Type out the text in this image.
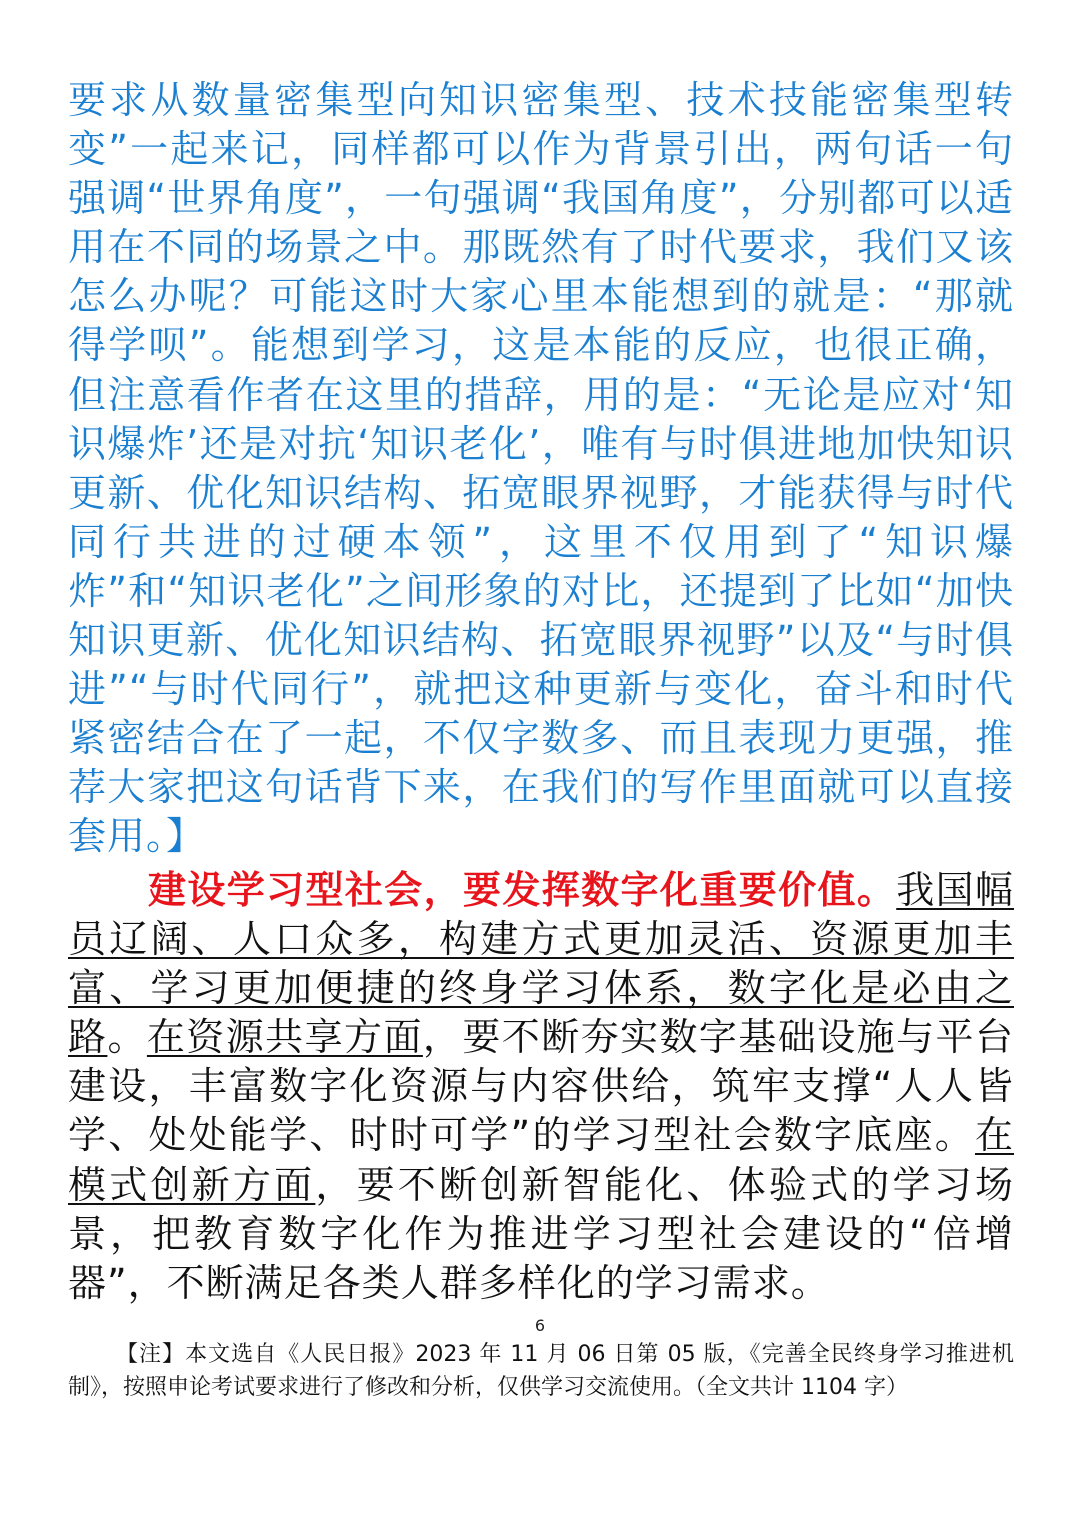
要求从数量密集型向知识密集型、技术技能密集型转变”一起来记，同样都可以作为背景引出，两句话一句强调“世界角度”，一句强调“我国角度”，分别都可以适用在不同的场景之中。那既然有了时代要求，我们又该怎么办呢？可能这时大家心里本能想到的就是：“那就得学呗”。能想到学习，这是本能的反应，也很正确，但注意看作者在这里的措辞，用的是：“无论是应对‘知识爆炸’还是对抗‘知识老化’，唯有与时俱进地加快知识更新、优化知识结构、拓宽眼界视野，才能获得与时代同行共进的过硬本领”，这里不仅用到了“知识爆炸”和“知识老化”之间形象的对比，还提到了比如“加快知识更新、优化知识结构、拓宽眼界视野”以及“与时俱进”“与时代同行”，就把这种更新与变化，奋斗和时代紧密结合在了一起，不仅字数多、而且表现力更强，推荐大家把这句话背下来，在我们的写作里面就可以直接套用。】

建设学习型社会，要发挥数字化重要价值。我国幅员辽阔、人口众多，构建方式更加灵活、资源更加丰富、学习更加便捷的终身学习体系，数字化是必由之路。在资源共享方面，要不断夯实数字基础设施与平台建设，丰富数字化资源与内容供给，筑牢支撑“人人皆学、处处能学、时时可学”的学习型社会数字底座。在模式创新方面，要不断创新智能化、体验式的学习场景，把教育数字化作为推进学习型社会建设的“倍增器”，不断满足各类人群多样化的学习需求。

6

【注】本文选自《人民日报》2023 年 11 月 06 日第 05 版，《完善全民终身学习推进机制》，按照申论考试要求进行了修改和分析，仅供学习交流使用。（全文共计 1104 字）
